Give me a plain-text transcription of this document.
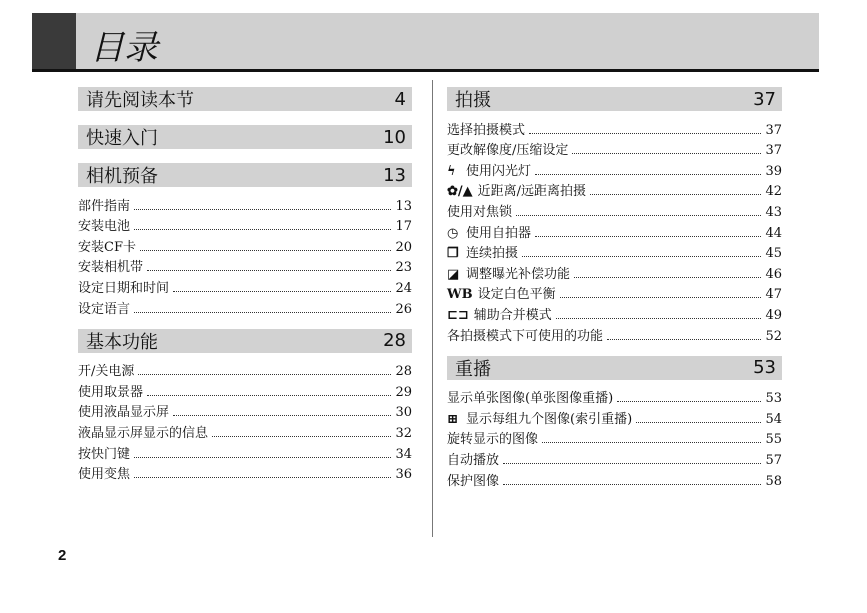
目录
请先阅读本节	4
快速入门	10
相机预备	13
部件指南	13
安装电池	17
安装CF卡	20
安装相机带	23
设定日期和时间	24
设定语言	26
基本功能	28
开/关电源	28
使用取景器	29
使用液晶显示屏	30
液晶显示屏显示的信息	32
按快门键	34
使用变焦	36
拍摄	37
选择拍摄模式	37
更改解像度/压缩设定	37
ϟ 使用闪光灯	39
✿/▲ 近距离/远距离拍摄	42
使用对焦锁	43
◷ 使用自拍器	44
❐ 连续拍摄	45
◪ 调整曝光补偿功能	46
WB 设定白色平衡	47
⊏⊐ 辅助合并模式	49
各拍摄模式下可使用的功能	52
重播	53
显示单张图像(单张图像重播)	53
⊞ 显示每组九个图像(索引重播)	54
旋转显示的图像	55
自动播放	57
保护图像	58
2
